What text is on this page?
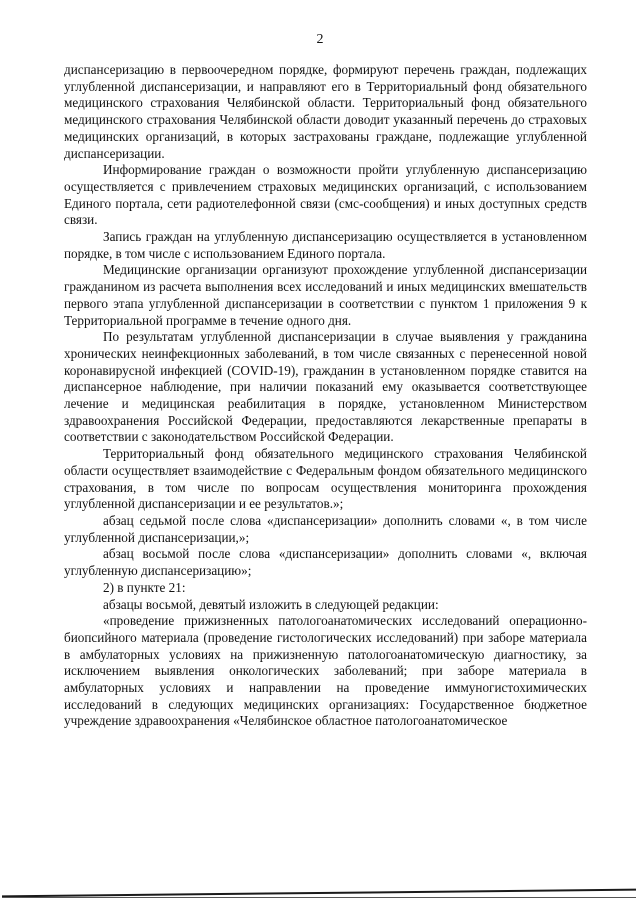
2

диспансеризацию в первоочередном порядке, формируют перечень граждан, подлежащих углубленной диспансеризации, и направляют его в Территориальный фонд обязательного медицинского страхования Челябинской области. Территориальный фонд обязательного медицинского страхования Челябинской области доводит указанный перечень до страховых медицинских организаций, в которых застрахованы граждане, подлежащие углубленной диспансеризации.

Информирование граждан о возможности пройти углубленную диспансеризацию осуществляется с привлечением страховых медицинских организаций, с использованием Единого портала, сети радиотелефонной связи (смс-сообщения) и иных доступных средств связи.

Запись граждан на углубленную диспансеризацию осуществляется в установленном порядке, в том числе с использованием Единого портала.

Медицинские организации организуют прохождение углубленной диспансеризации гражданином из расчета выполнения всех исследований и иных медицинских вмешательств первого этапа углубленной диспансеризации в соответствии с пунктом 1 приложения 9 к Территориальной программе в течение одного дня.

По результатам углубленной диспансеризации в случае выявления у гражданина хронических неинфекционных заболеваний, в том числе связанных с перенесенной новой коронавирусной инфекцией (COVID-19), гражданин в установленном порядке ставится на диспансерное наблюдение, при наличии показаний ему оказывается соответствующее лечение и медицинская реабилитация в порядке, установленном Министерством здравоохранения Российской Федерации, предоставляются лекарственные препараты в соответствии с законодательством Российской Федерации.

Территориальный фонд обязательного медицинского страхования Челябинской области осуществляет взаимодействие с Федеральным фондом обязательного медицинского страхования, в том числе по вопросам осуществления мониторинга прохождения углубленной диспансеризации и ее результатов.»;

абзац седьмой после слова «диспансеризации» дополнить словами «, в том числе углубленной диспансеризации,»;

абзац восьмой после слова «диспансеризации» дополнить словами «, включая углубленную диспансеризацию»;

2) в пункте 21:

абзацы восьмой, девятый изложить в следующей редакции:

«проведение прижизненных патологоанатомических исследований операционно-биопсийного материала (проведение гистологических исследований) при заборе материала в амбулаторных условиях на прижизненную патологоанатомическую диагностику, за исключением выявления онкологических заболеваний; при заборе материала в амбулаторных условиях и направлении на проведение иммуногистохимических исследований в следующих медицинских организациях: Государственное бюджетное учреждение здравоохранения «Челябинское областное патологоанатомическое
